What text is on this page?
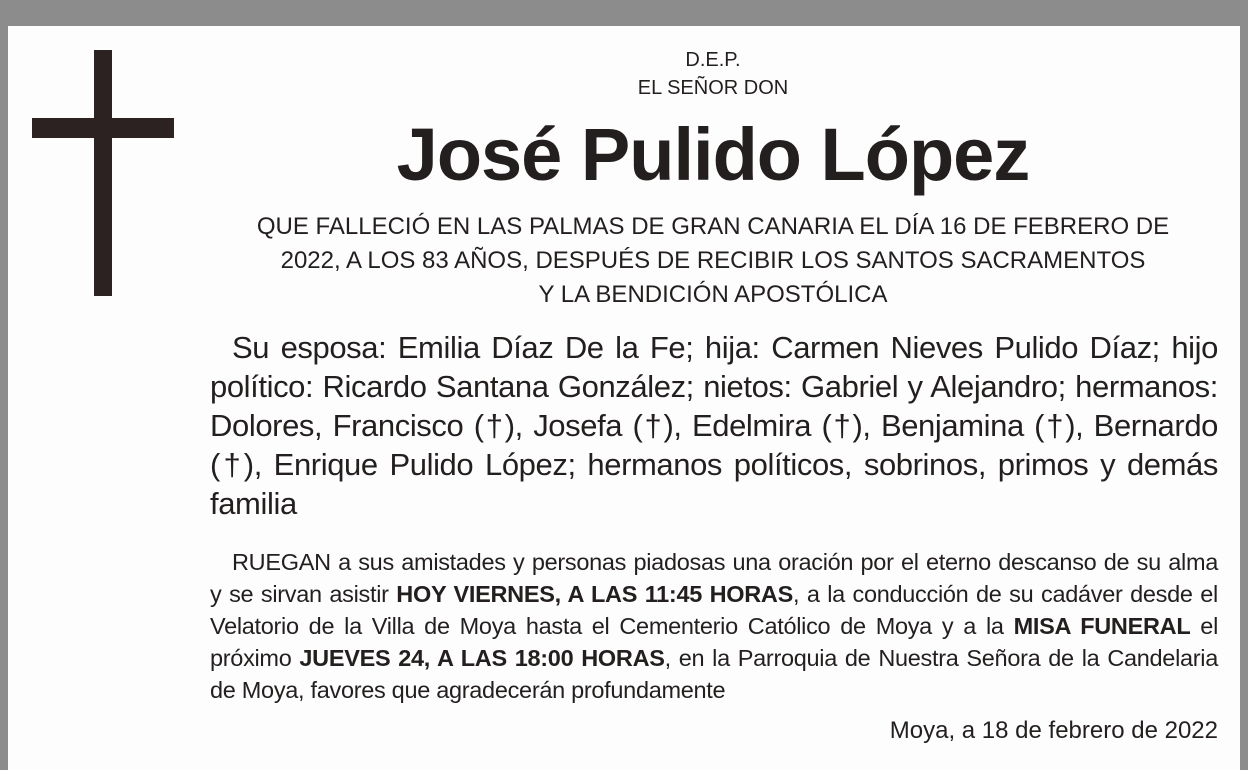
D.E.P.
EL SEÑOR DON
José Pulido López
QUE FALLECIÓ EN LAS PALMAS DE GRAN CANARIA EL DÍA 16 DE FEBRERO DE
2022, A LOS 83 AÑOS, DESPUÉS DE RECIBIR LOS SANTOS SACRAMENTOS
Y LA BENDICIÓN APOSTÓLICA
Su esposa: Emilia Díaz De la Fe; hija: Carmen Nieves Pulido Díaz; hijo político: Ricardo Santana González; nietos: Gabriel y Alejandro; hermanos: Dolores, Francisco (†), Josefa (†), Edelmira (†), Benjamina (†), Bernardo (†), Enrique Pulido López; hermanos políticos, sobrinos, primos y demás familia
RUEGAN a sus amistades y personas piadosas una oración por el eterno descanso de su alma y se sirvan asistir HOY VIERNES, A LAS 11:45 HORAS, a la conducción de su cadáver desde el Velatorio de la Villa de Moya hasta el Cementerio Católico de Moya y a la MISA FUNERAL el próximo JUEVES 24, A LAS 18:00 HORAS, en la Parroquia de Nuestra Señora de la Candelaria de Moya, favores que agradecerán profundamente
Moya, a 18 de febrero de 2022
